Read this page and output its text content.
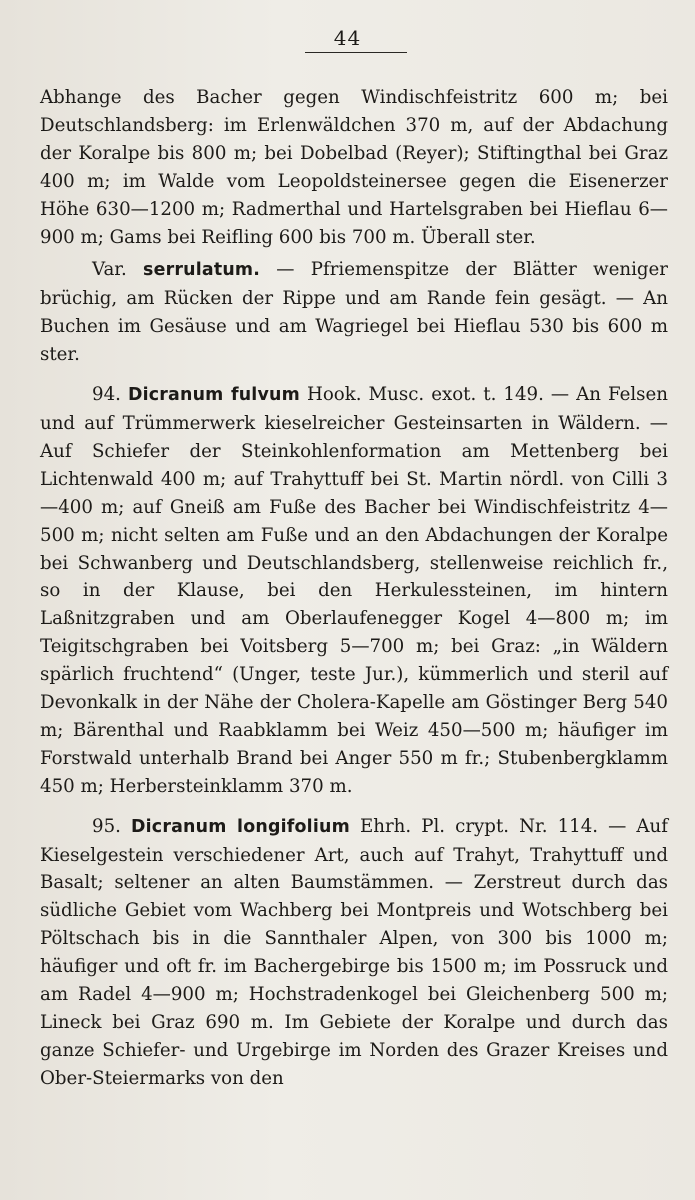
44

Abhange des Bacher gegen Windischfeistritz 600 m; bei Deutschlandsberg: im Erlenwäldchen 370 m, auf der Abdachung der Koralpe bis 800 m; bei Dobelbad (Reyer); Stiftingthal bei Graz 400 m; im Walde vom Leopoldsteinersee gegen die Eisenerzer Höhe 630—1200 m; Radmerthal und Hartelsgraben bei Hieflau 6—900 m; Gams bei Reifling 600 bis 700 m. Überall ster.

Var. serrulatum. — Pfriemenspitze der Blätter weniger brüchig, am Rücken der Rippe und am Rande fein gesägt. — An Buchen im Gesäuse und am Wagriegel bei Hieflau 530 bis 600 m ster.

94. Dicranum fulvum Hook. Musc. exot. t. 149. — An Felsen und auf Trümmerwerk kieselreicher Gesteinsarten in Wäldern. — Auf Schiefer der Steinkohlenformation am Mettenberg bei Lichtenwald 400 m; auf Trahyttuff bei St. Martin nördl. von Cilli 3—400 m; auf Gneiß am Fuße des Bacher bei Windischfeistritz 4—500 m; nicht selten am Fuße und an den Abdachungen der Koralpe bei Schwanberg und Deutschlandsberg, stellenweise reichlich fr., so in der Klause, bei den Herkulessteinen, im hintern Laßnitzgraben und am Oberlaufenegger Kogel 4—800 m; im Teigitschgraben bei Voitsberg 5—700 m; bei Graz: „in Wäldern spärlich fruchtend“ (Unger, teste Jur.), kümmerlich und steril auf Devonkalk in der Nähe der Cholera-Kapelle am Göstinger Berg 540 m; Bärenthal und Raabklamm bei Weiz 450—500 m; häufiger im Forstwald unterhalb Brand bei Anger 550 m fr.; Stubenbergklamm 450 m; Herbersteinklamm 370 m.

95. Dicranum longifolium Ehrh. Pl. crypt. Nr. 114. — Auf Kieselgestein verschiedener Art, auch auf Trahyt, Trahyttuff und Basalt; seltener an alten Baumstämmen. — Zerstreut durch das südliche Gebiet vom Wachberg bei Montpreis und Wotschberg bei Pöltschach bis in die Sannthaler Alpen, von 300 bis 1000 m; häufiger und oft fr. im Bachergebirge bis 1500 m; im Possruck und am Radel 4—900 m; Hochstradenkogel bei Gleichenberg 500 m; Lineck bei Graz 690 m. Im Gebiete der Koralpe und durch das ganze Schiefer- und Urgebirge im Norden des Grazer Kreises und Ober-Steiermarks von den
